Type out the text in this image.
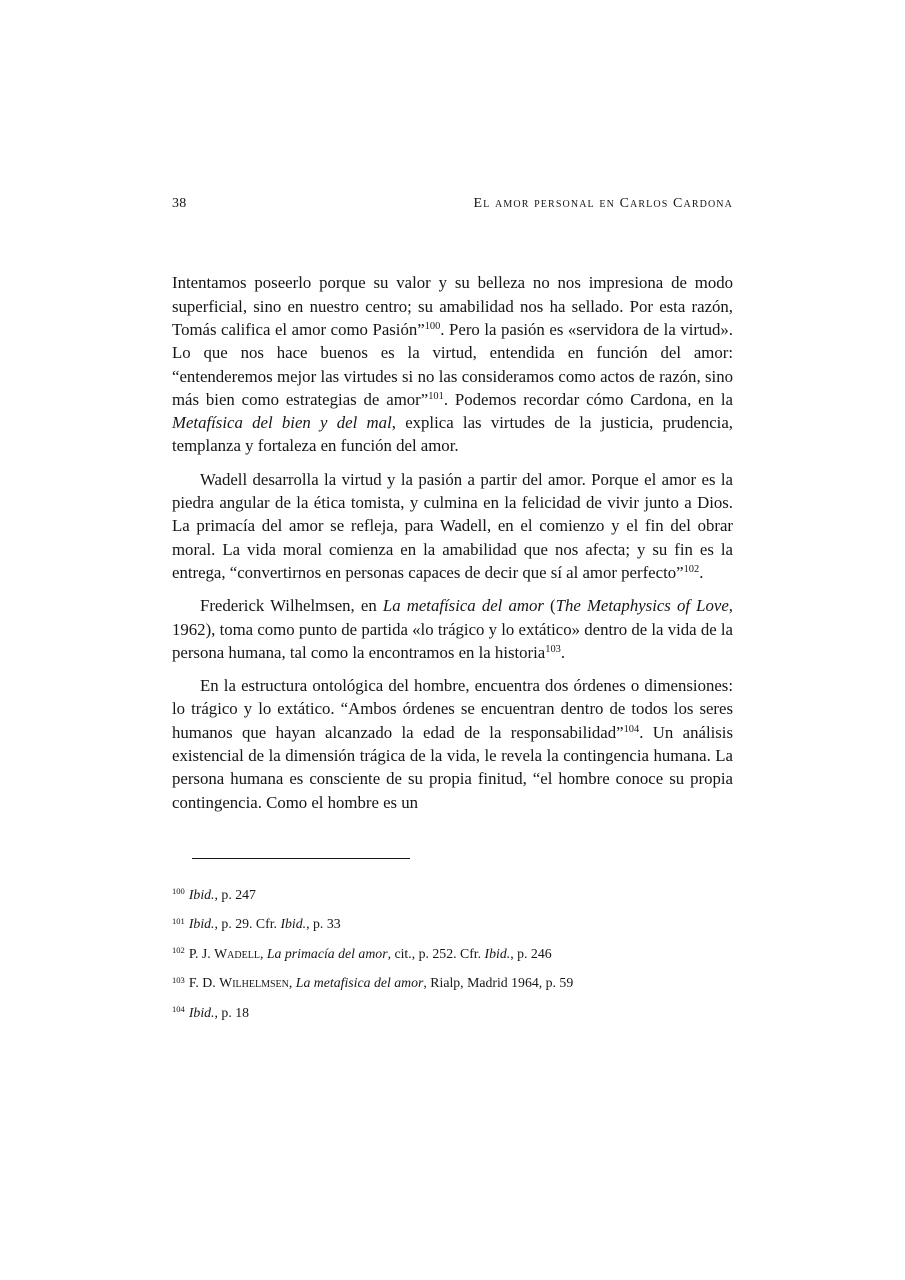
38	El amor personal en Carlos Cardona

Intentamos poseerlo porque su valor y su belleza no nos impresiona de modo superficial, sino en nuestro centro; su amabilidad nos ha sellado. Por esta razón, Tomás califica el amor como Pasión”$^{100}$. Pero la pasión es «servidora de la virtud». Lo que nos hace buenos es la virtud, entendida en función del amor: “entenderemos mejor las virtudes si no las consideramos como actos de razón, sino más bien como estrategias de amor”$^{101}$. Podemos recordar cómo Cardona, en la Metafísica del bien y del mal, explica las virtudes de la justicia, prudencia, templanza y fortaleza en función del amor.

Wadell desarrolla la virtud y la pasión a partir del amor. Porque el amor es la piedra angular de la ética tomista, y culmina en la felicidad de vivir junto a Dios. La primacía del amor se refleja, para Wadell, en el comienzo y el fin del obrar moral. La vida moral comienza en la amabilidad que nos afecta; y su fin es la entrega, “convertirnos en personas capaces de decir que sí al amor perfecto”$^{102}$.

Frederick Wilhelmsen, en La metafísica del amor (The Metaphysics of Love, 1962), toma como punto de partida «lo trágico y lo extático» dentro de la vida de la persona humana, tal como la encontramos en la historia$^{103}$.

En la estructura ontológica del hombre, encuentra dos órdenes o dimensiones: lo trágico y lo extático. “Ambos órdenes se encuentran dentro de todos los seres humanos que hayan alcanzado la edad de la responsabilidad”$^{104}$. Un análisis existencial de la dimensión trágica de la vida, le revela la contingencia humana. La persona humana es consciente de su propia finitud, “el hombre conoce su propia contingencia. Como el hombre es un

$^{100}$ Ibid., p. 247
$^{101}$ Ibid., p. 29. Cfr. Ibid., p. 33
$^{102}$ P. J. Wadell, La primacía del amor, cit., p. 252. Cfr. Ibid., p. 246
$^{103}$ F. D. Wilhelmsen, La metafisica del amor, Rialp, Madrid 1964, p. 59
$^{104}$ Ibid., p. 18
